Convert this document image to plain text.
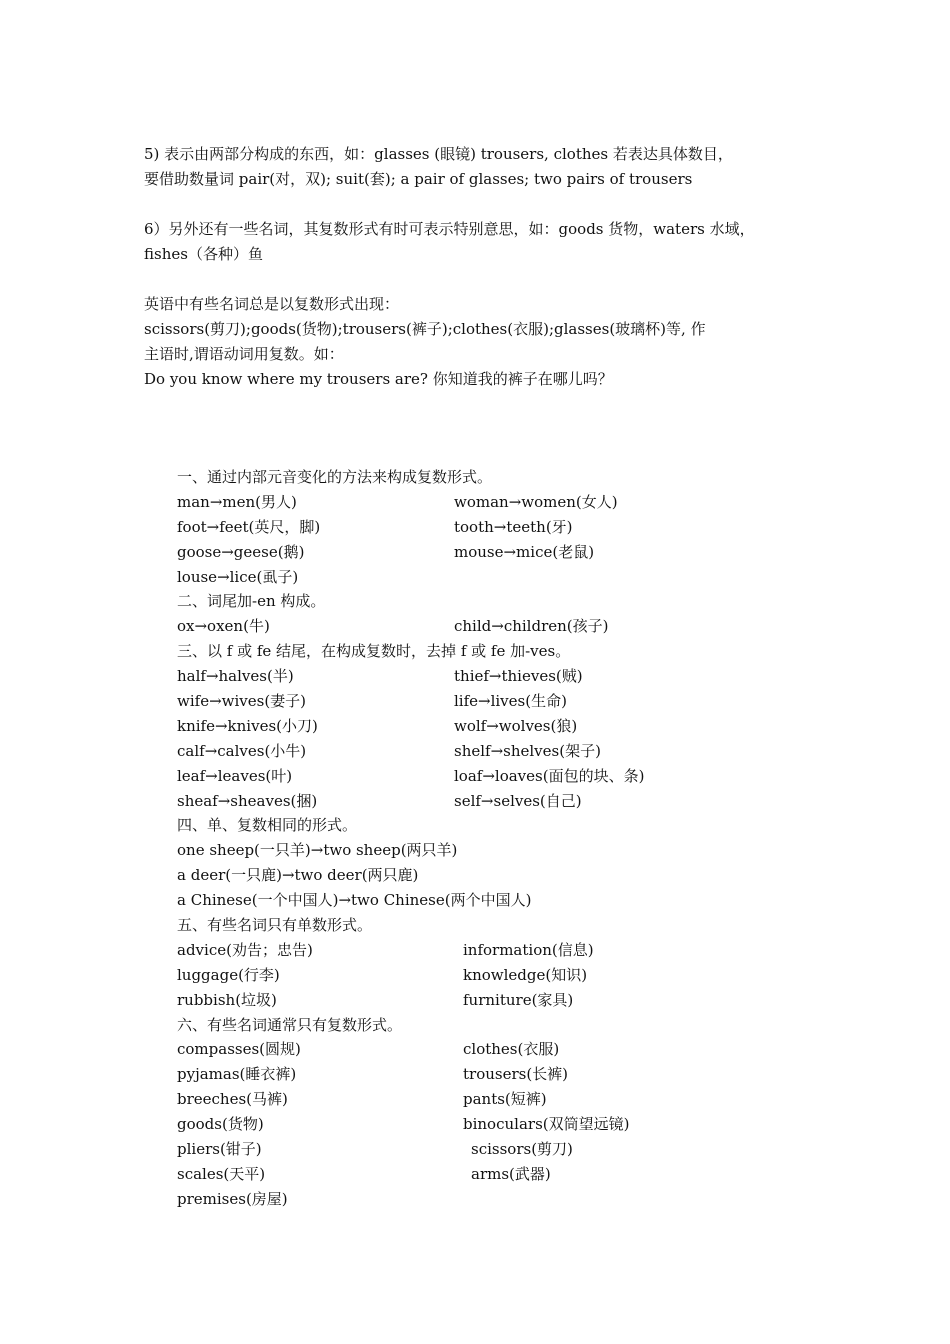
5) 表示由两部分构成的东西，如：glasses (眼镜) trousers, clothes 若表达具体数目，

要借助数量词 pair(对，双); suit(套); a pair of glasses; two pairs of trousers

6）另外还有一些名词，其复数形式有时可表示特别意思，如：goods 货物，waters 水域，

fishes（各种）鱼

英语中有些名词总是以复数形式出现：

scissors(剪刀);goods(货物);trousers(裤子);clothes(衣服);glasses(玻璃杯)等, 作

主语时,谓语动词用复数。如：

Do you know where my trousers are? 你知道我的裤子在哪儿吗？

一、通过内部元音变化的方法来构成复数形式。
man→men(男人)	woman→women(女人)
foot→feet(英尺，脚)	tooth→teeth(牙)
goose→geese(鹅)	mouse→mice(老鼠)
louse→lice(虱子)
二、词尾加-en 构成。
ox→oxen(牛)	child→children(孩子)
三、以 f 或 fe 结尾，在构成复数时，去掉 f 或 fe 加-ves。
half→halves(半)	thief→thieves(贼)
wife→wives(妻子)	life→lives(生命)
knife→knives(小刀)	wolf→wolves(狼)
calf→calves(小牛)	shelf→shelves(架子)
leaf→leaves(叶)	loaf→loaves(面包的块、条)
sheaf→sheaves(捆)	self→selves(自己)
四、单、复数相同的形式。
one sheep(一只羊)→two sheep(两只羊)
a deer(一只鹿)→two deer(两只鹿)
a Chinese(一个中国人)→two Chinese(两个中国人)
五、有些名词只有单数形式。
advice(劝告；忠告)	information(信息)
luggage(行李)	knowledge(知识)
rubbish(垃圾)	furniture(家具)
六、有些名词通常只有复数形式。
compasses(圆规)	clothes(衣服)
pyjamas(睡衣裤)	trousers(长裤)
breeches(马裤)	pants(短裤)
goods(货物)	binoculars(双筒望远镜)
pliers(钳子)	scissors(剪刀)
scales(天平)	arms(武器)
premises(房屋)
